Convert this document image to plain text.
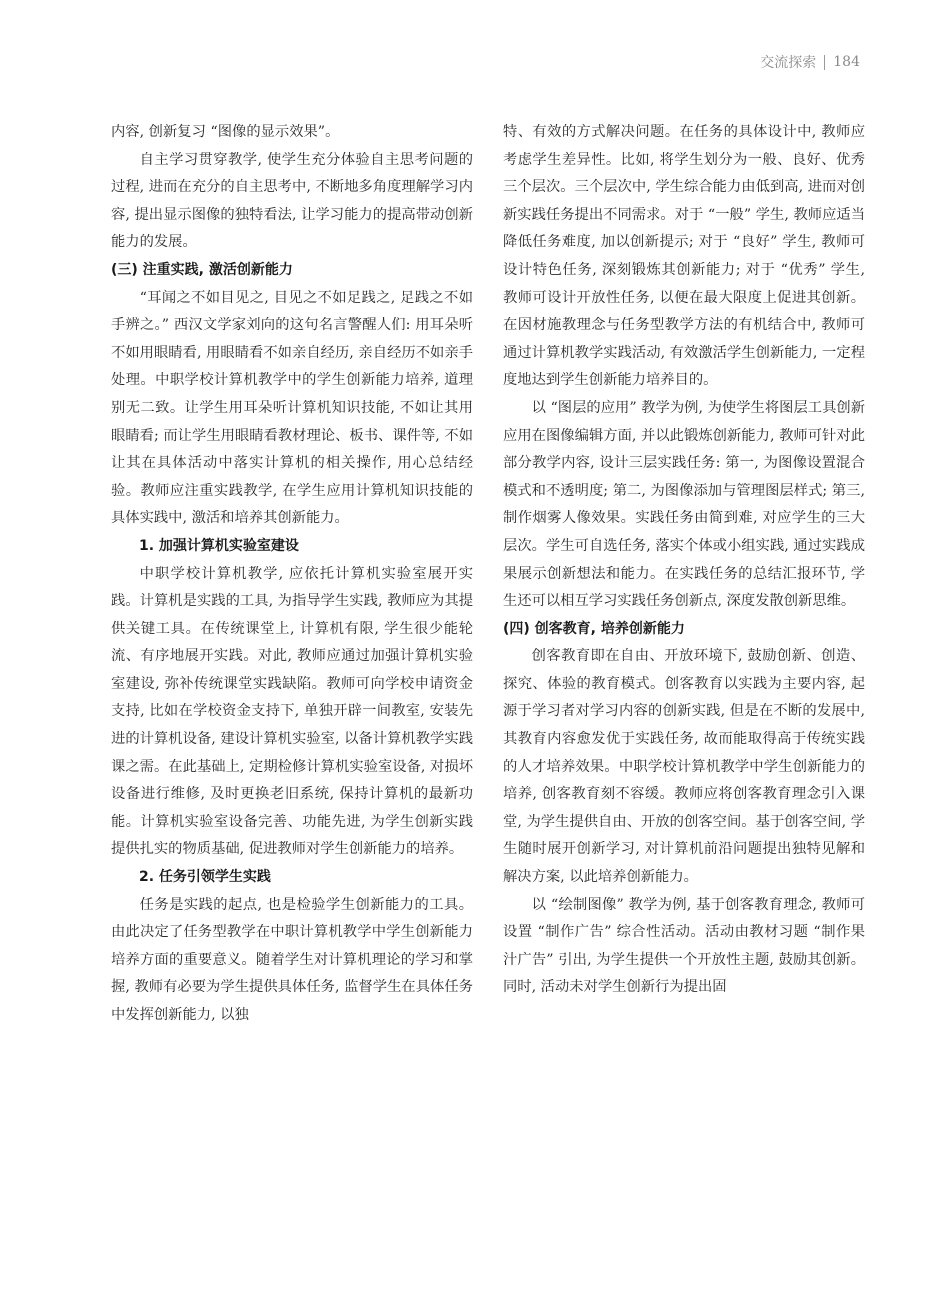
交流探索 184

内容, 创新复习 “图像的显示效果”。

自主学习贯穿教学, 使学生充分体验自主思考问题的过程, 进而在充分的自主思考中, 不断地多角度理解学习内容, 提出显示图像的独特看法, 让学习能力的提高带动创新能力的发展。

(三) 注重实践, 激活创新能力

“耳闻之不如目见之, 目见之不如足践之, 足践之不如手辨之。” 西汉文学家刘向的这句名言警醒人们: 用耳朵听不如用眼睛看, 用眼睛看不如亲自经历, 亲自经历不如亲手处理。中职学校计算机教学中的学生创新能力培养, 道理别无二致。让学生用耳朵听计算机知识技能, 不如让其用眼睛看; 而让学生用眼睛看教材理论、板书、课件等, 不如让其在具体活动中落实计算机的相关操作, 用心总结经验。教师应注重实践教学, 在学生应用计算机知识技能的具体实践中, 激活和培养其创新能力。

1. 加强计算机实验室建设

中职学校计算机教学, 应依托计算机实验室展开实践。计算机是实践的工具, 为指导学生实践, 教师应为其提供关键工具。在传统课堂上, 计算机有限, 学生很少能轮流、有序地展开实践。对此, 教师应通过加强计算机实验室建设, 弥补传统课堂实践缺陷。教师可向学校申请资金支持, 比如在学校资金支持下, 单独开辟一间教室, 安装先进的计算机设备, 建设计算机实验室, 以备计算机教学实践课之需。在此基础上, 定期检修计算机实验室设备, 对损坏设备进行维修, 及时更换老旧系统, 保持计算机的最新功能。计算机实验室设备完善、功能先进, 为学生创新实践提供扎实的物质基础, 促进教师对学生创新能力的培养。

2. 任务引领学生实践

任务是实践的起点, 也是检验学生创新能力的工具。由此决定了任务型教学在中职计算机教学中学生创新能力培养方面的重要意义。随着学生对计算机理论的学习和掌握, 教师有必要为学生提供具体任务, 监督学生在具体任务中发挥创新能力, 以独

特、有效的方式解决问题。在任务的具体设计中, 教师应考虑学生差异性。比如, 将学生划分为一般、良好、优秀三个层次。三个层次中, 学生综合能力由低到高, 进而对创新实践任务提出不同需求。对于 “一般” 学生, 教师应适当降低任务难度, 加以创新提示; 对于 “良好” 学生, 教师可设计特色任务, 深刻锻炼其创新能力; 对于 “优秀” 学生, 教师可设计开放性任务, 以便在最大限度上促进其创新。在因材施教理念与任务型教学方法的有机结合中, 教师可通过计算机教学实践活动, 有效激活学生创新能力, 一定程度地达到学生创新能力培养目的。

以 “图层的应用” 教学为例, 为使学生将图层工具创新应用在图像编辑方面, 并以此锻炼创新能力, 教师可针对此部分教学内容, 设计三层实践任务: 第一, 为图像设置混合模式和不透明度; 第二, 为图像添加与管理图层样式; 第三, 制作烟雾人像效果。实践任务由简到难, 对应学生的三大层次。学生可自选任务, 落实个体或小组实践, 通过实践成果展示创新想法和能力。在实践任务的总结汇报环节, 学生还可以相互学习实践任务创新点, 深度发散创新思维。

(四) 创客教育, 培养创新能力

创客教育即在自由、开放环境下, 鼓励创新、创造、探究、体验的教育模式。创客教育以实践为主要内容, 起源于学习者对学习内容的创新实践, 但是在不断的发展中, 其教育内容愈发优于实践任务, 故而能取得高于传统实践的人才培养效果。中职学校计算机教学中学生创新能力的培养, 创客教育刻不容缓。教师应将创客教育理念引入课堂, 为学生提供自由、开放的创客空间。基于创客空间, 学生随时展开创新学习, 对计算机前沿问题提出独特见解和解决方案, 以此培养创新能力。

以 “绘制图像” 教学为例, 基于创客教育理念, 教师可设置 “制作广告” 综合性活动。活动由教材习题 “制作果汁广告” 引出, 为学生提供一个开放性主题, 鼓励其创新。同时, 活动未对学生创新行为提出固
